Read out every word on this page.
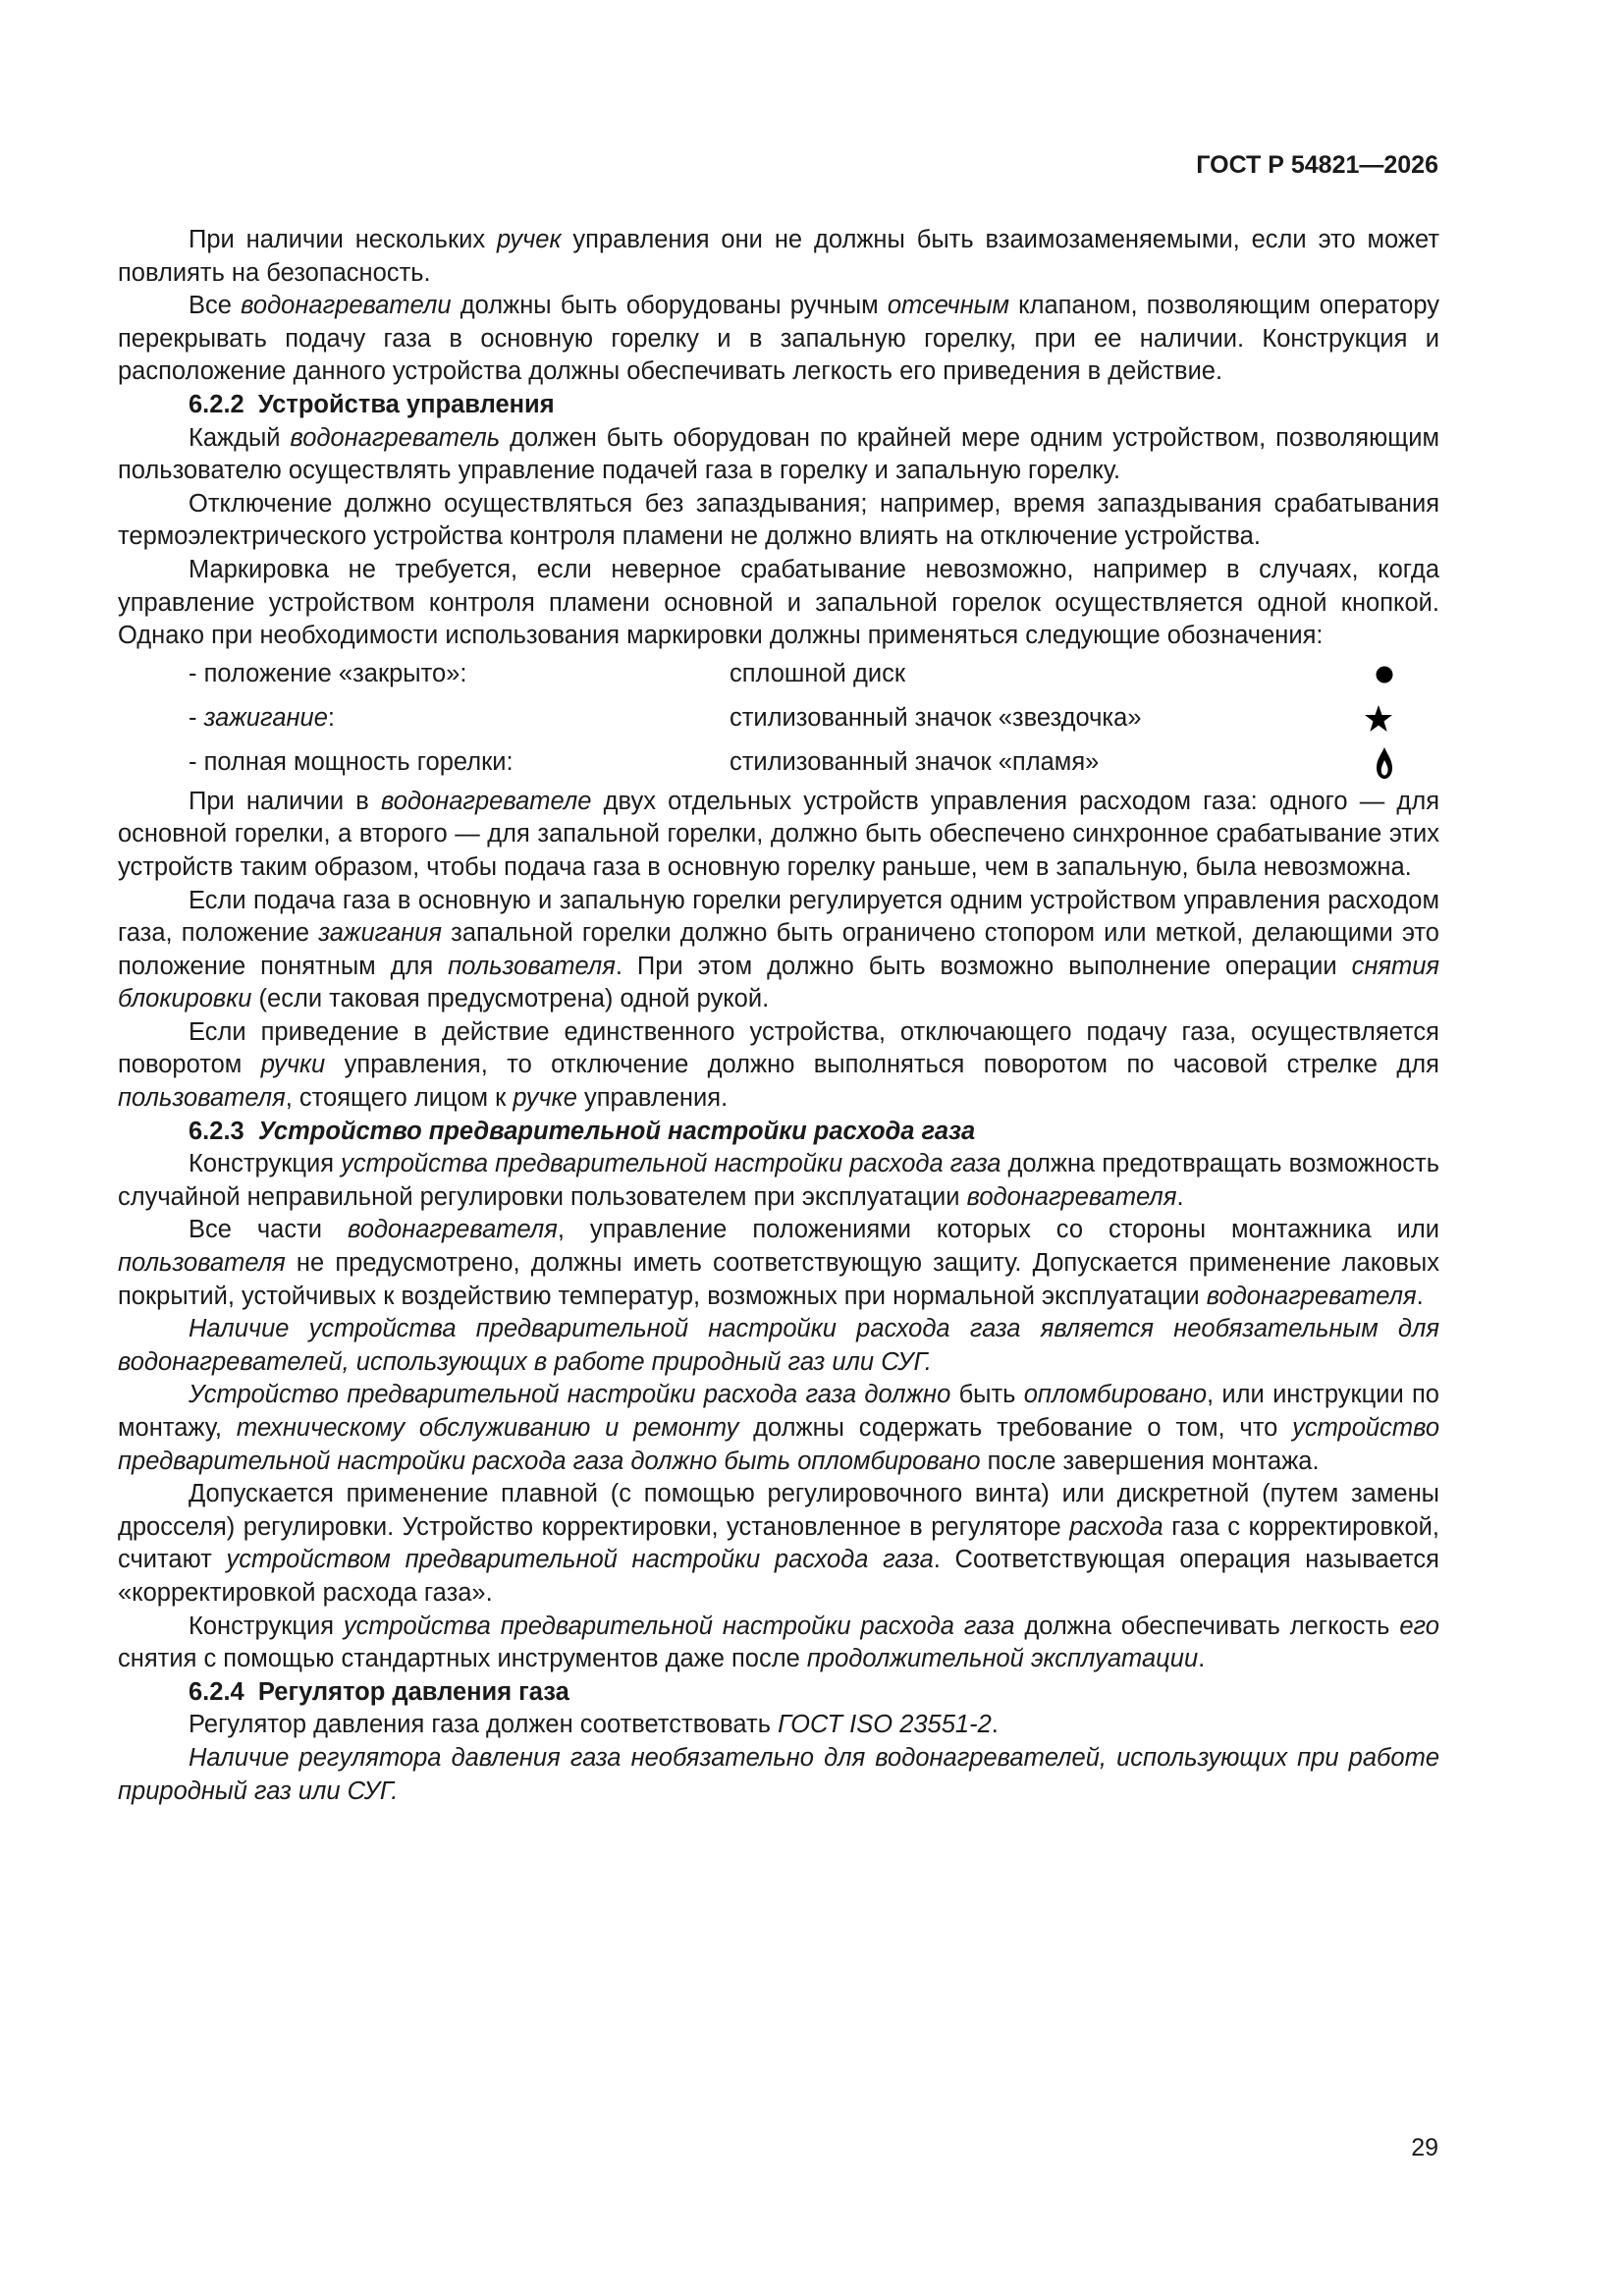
ГОСТ Р 54821—2026

При наличии нескольких ручек управления они не должны быть взаимозаменяемыми, если это может повлиять на безопасность.

Все водонагреватели должны быть оборудованы ручным отсечным клапаном, позволяющим оператору перекрывать подачу газа в основную горелку и в запальную горелку, при ее наличии. Конструкция и расположение данного устройства должны обеспечивать легкость его приведения в действие.

6.2.2 Устройства управления

Каждый водонагреватель должен быть оборудован по крайней мере одним устройством, позволяющим пользователю осуществлять управление подачей газа в горелку и запальную горелку.

Отключение должно осуществляться без запаздывания; например, время запаздывания срабатывания термоэлектрического устройства контроля пламени не должно влиять на отключение устройства.

Маркировка не требуется, если неверное срабатывание невозможно, например в случаях, когда управление устройством контроля пламени основной и запальной горелок осуществляется одной кнопкой. Однако при необходимости использования маркировки должны применяться следующие обозначения:

- положение «закрыто»:	сплошной диск
- зажигание:	стилизованный значок «звездочка»
- полная мощность горелки:	стилизованный значок «пламя»

При наличии в водонагревателе двух отдельных устройств управления расходом газа: одного — для основной горелки, а второго — для запальной горелки, должно быть обеспечено синхронное срабатывание этих устройств таким образом, чтобы подача газа в основную горелку раньше, чем в запальную, была невозможна.

Если подача газа в основную и запальную горелки регулируется одним устройством управления расходом газа, положение зажигания запальной горелки должно быть ограничено стопором или меткой, делающими это положение понятным для пользователя. При этом должно быть возможно выполнение операции снятия блокировки (если таковая предусмотрена) одной рукой.

Если приведение в действие единственного устройства, отключающего подачу газа, осуществляется поворотом ручки управления, то отключение должно выполняться поворотом по часовой стрелке для пользователя, стоящего лицом к ручке управления.

6.2.3 Устройство предварительной настройки расхода газа

Конструкция устройства предварительной настройки расхода газа должна предотвращать возможность случайной неправильной регулировки пользователем при эксплуатации водонагревателя.

Все части водонагревателя, управление положениями которых со стороны монтажника или пользователя не предусмотрено, должны иметь соответствующую защиту. Допускается применение лаковых покрытий, устойчивых к воздействию температур, возможных при нормальной эксплуатации водонагревателя.

Наличие устройства предварительной настройки расхода газа является необязательным для водонагревателей, использующих в работе природный газ или СУГ.

Устройство предварительной настройки расхода газа должно быть опломбировано, или инструкции по монтажу, техническому обслуживанию и ремонту должны содержать требование о том, что устройство предварительной настройки расхода газа должно быть опломбировано после завершения монтажа.

Допускается применение плавной (с помощью регулировочного винта) или дискретной (путем замены дросселя) регулировки. Устройство корректировки, установленное в регуляторе расхода газа с корректировкой, считают устройством предварительной настройки расхода газа. Соответствующая операция называется «корректировкой расхода газа».

Конструкция устройства предварительной настройки расхода газа должна обеспечивать легкость его снятия с помощью стандартных инструментов даже после продолжительной эксплуатации.

6.2.4 Регулятор давления газа

Регулятор давления газа должен соответствовать ГОСТ ISO 23551-2.

Наличие регулятора давления газа необязательно для водонагревателей, использующих при работе природный газ или СУГ.

29
